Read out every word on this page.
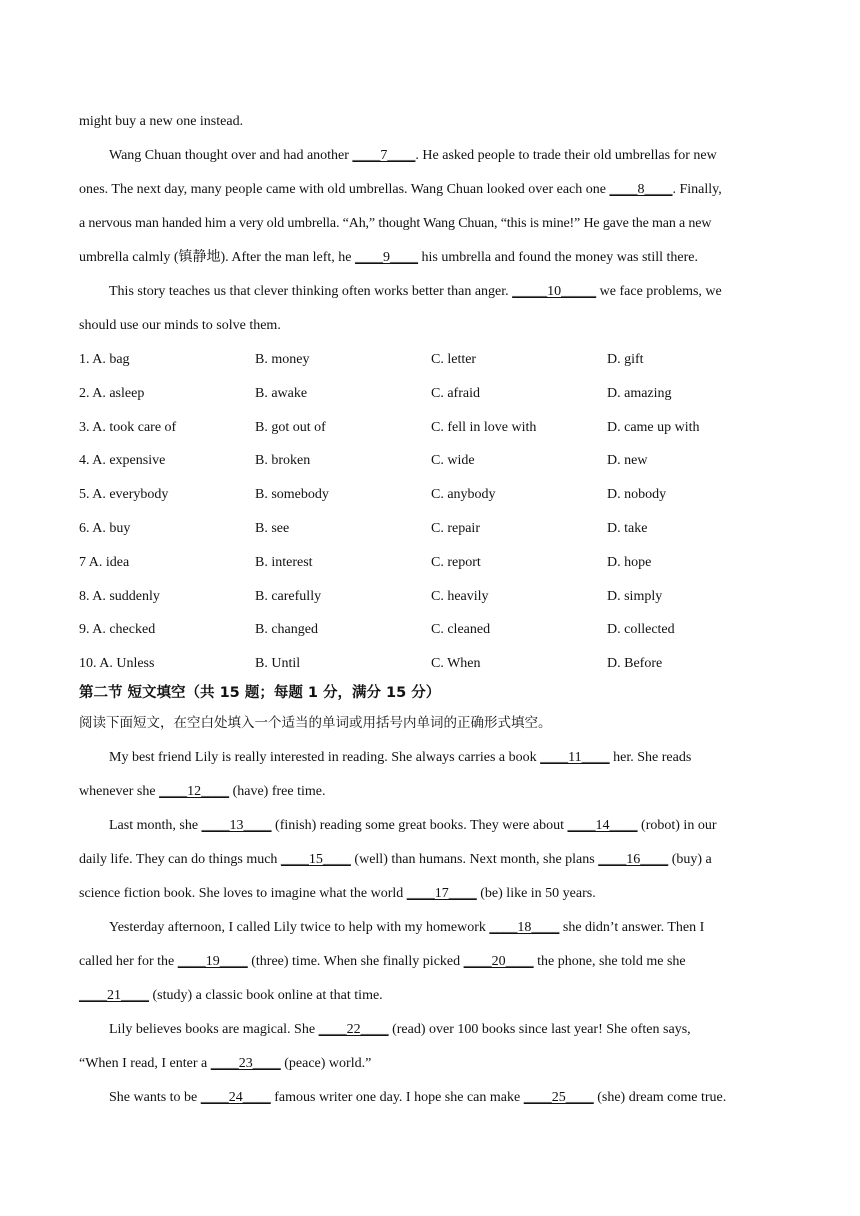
might buy a new one instead.
Wang Chuan thought over and had another ____7____. He asked people to trade their old umbrellas for new
ones. The next day, many people came with old umbrellas. Wang Chuan looked over each one ____8____. Finally,
a nervous man handed him a very old umbrella. “Ah,” thought Wang Chuan, “this is mine!” He gave the man a new
umbrella calmly (镇静地). After the man left, he ____9____ his umbrella and found the money was still there.
This story teaches us that clever thinking often works better than anger. _____10_____ we face problems, we
should use our minds to solve them.
1. A. bag	B. money	C. letter	D. gift
2. A. asleep	B. awake	C. afraid	D. amazing
3. A. took care of	B. got out of	C. fell in love with	D. came up with
4. A. expensive	B. broken	C. wide	D. new
5. A. everybody	B. somebody	C. anybody	D. nobody
6. A. buy	B. see	C. repair	D. take
7 A. idea	B. interest	C. report	D. hope
8. A. suddenly	B. carefully	C. heavily	D. simply
9. A. checked	B. changed	C. cleaned	D. collected
10. A. Unless	B. Until	C. When	D. Before
第二节 短文填空（共 15 题；每题 1 分，满分 15 分）
阅读下面短文，在空白处填入一个适当的单词或用括号内单词的正确形式填空。
My best friend Lily is really interested in reading. She always carries a book ____11____ her. She reads
whenever she ____12____ (have) free time.
Last month, she ____13____ (finish) reading some great books. They were about ____14____ (robot) in our
daily life. They can do things much ____15____ (well) than humans. Next month, she plans ____16____ (buy) a
science fiction book. She loves to imagine what the world ____17____ (be) like in 50 years.
Yesterday afternoon, I called Lily twice to help with my homework ____18____ she didn’t answer. Then I
called her for the ____19____ (three) time. When she finally picked ____20____ the phone, she told me she
____21____ (study) a classic book online at that time.
Lily believes books are magical. She ____22____ (read) over 100 books since last year! She often says,
“When I read, I enter a ____23____ (peace) world.”
She wants to be ____24____ famous writer one day. I hope she can make ____25____ (she) dream come true.
